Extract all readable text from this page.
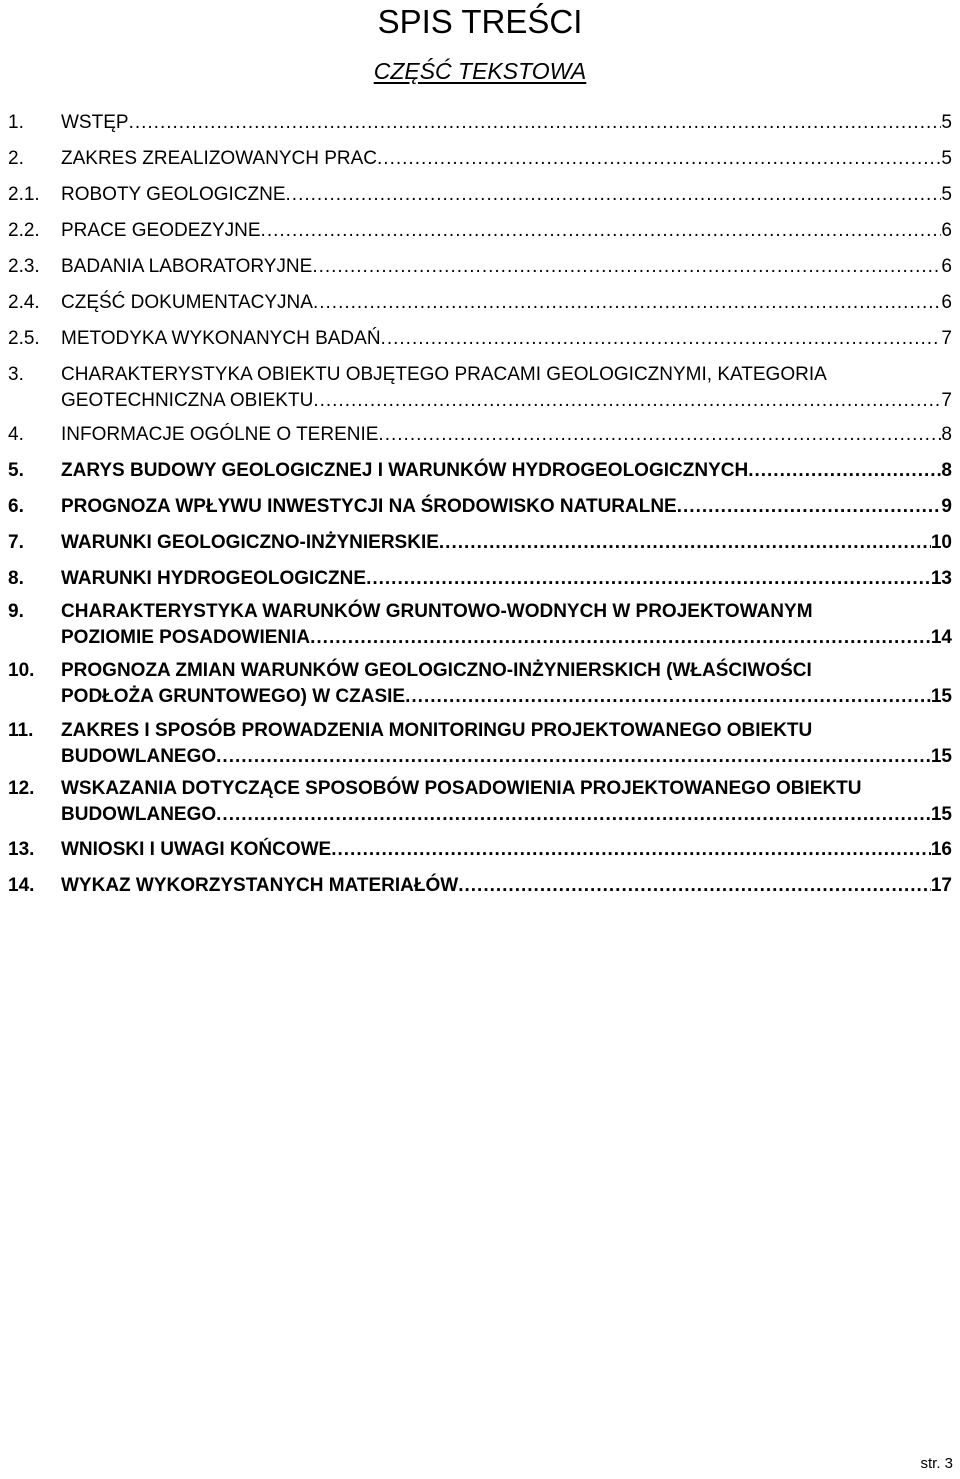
SPIS TREŚCI
CZĘŚĆ TEKSTOWA
1. WSTĘP .....	5
2. ZAKRES ZREALIZOWANYCH PRAC .....	5
2.1. ROBOTY GEOLOGICZNE .....	5
2.2. PRACE GEODEZYJNE .....	6
2.3. BADANIA LABORATORYJNE .....	6
2.4. CZĘŚĆ DOKUMENTACYJNA .....	6
2.5. METODYKA WYKONANYCH BADAŃ .....	7
3. CHARAKTERYSTYKA OBIEKTU OBJĘTEGO PRACAMI GEOLOGICZNYMI, KATEGORIA
GEOTECHNICZNA OBIEKTU .....	7
4. INFORMACJE OGÓLNE O TERENIE .....	8
5. ZARYS BUDOWY GEOLOGICZNEJ I WARUNKÓW HYDROGEOLOGICZNYCH .....	8
6. PROGNOZA WPŁYWU INWESTYCJI NA ŚRODOWISKO NATURALNE .....	9
7. WARUNKI GEOLOGICZNO-INŻYNIERSKIE .....	10
8. WARUNKI HYDROGEOLOGICZNE .....	13
9. CHARAKTERYSTYKA WARUNKÓW GRUNTOWO-WODNYCH W PROJEKTOWANYM
POZIOMIE POSADOWIENIA .....	14
10. PROGNOZA ZMIAN WARUNKÓW GEOLOGICZNO-INŻYNIERSKICH (WŁAŚCIWOŚCI
PODŁOŻA GRUNTOWEGO) W CZASIE .....	15
11. ZAKRES I SPOSÓB PROWADZENIA MONITORINGU PROJEKTOWANEGO OBIEKTU
BUDOWLANEGO .....	15
12. WSKAZANIA DOTYCZĄCE SPOSOBÓW POSADOWIENIA PROJEKTOWANEGO OBIEKTU
BUDOWLANEGO .....	15
13. WNIOSKI I UWAGI KOŃCOWE .....	16
14. WYKAZ WYKORZYSTANYCH MATERIAŁÓW .....	17
str. 3
